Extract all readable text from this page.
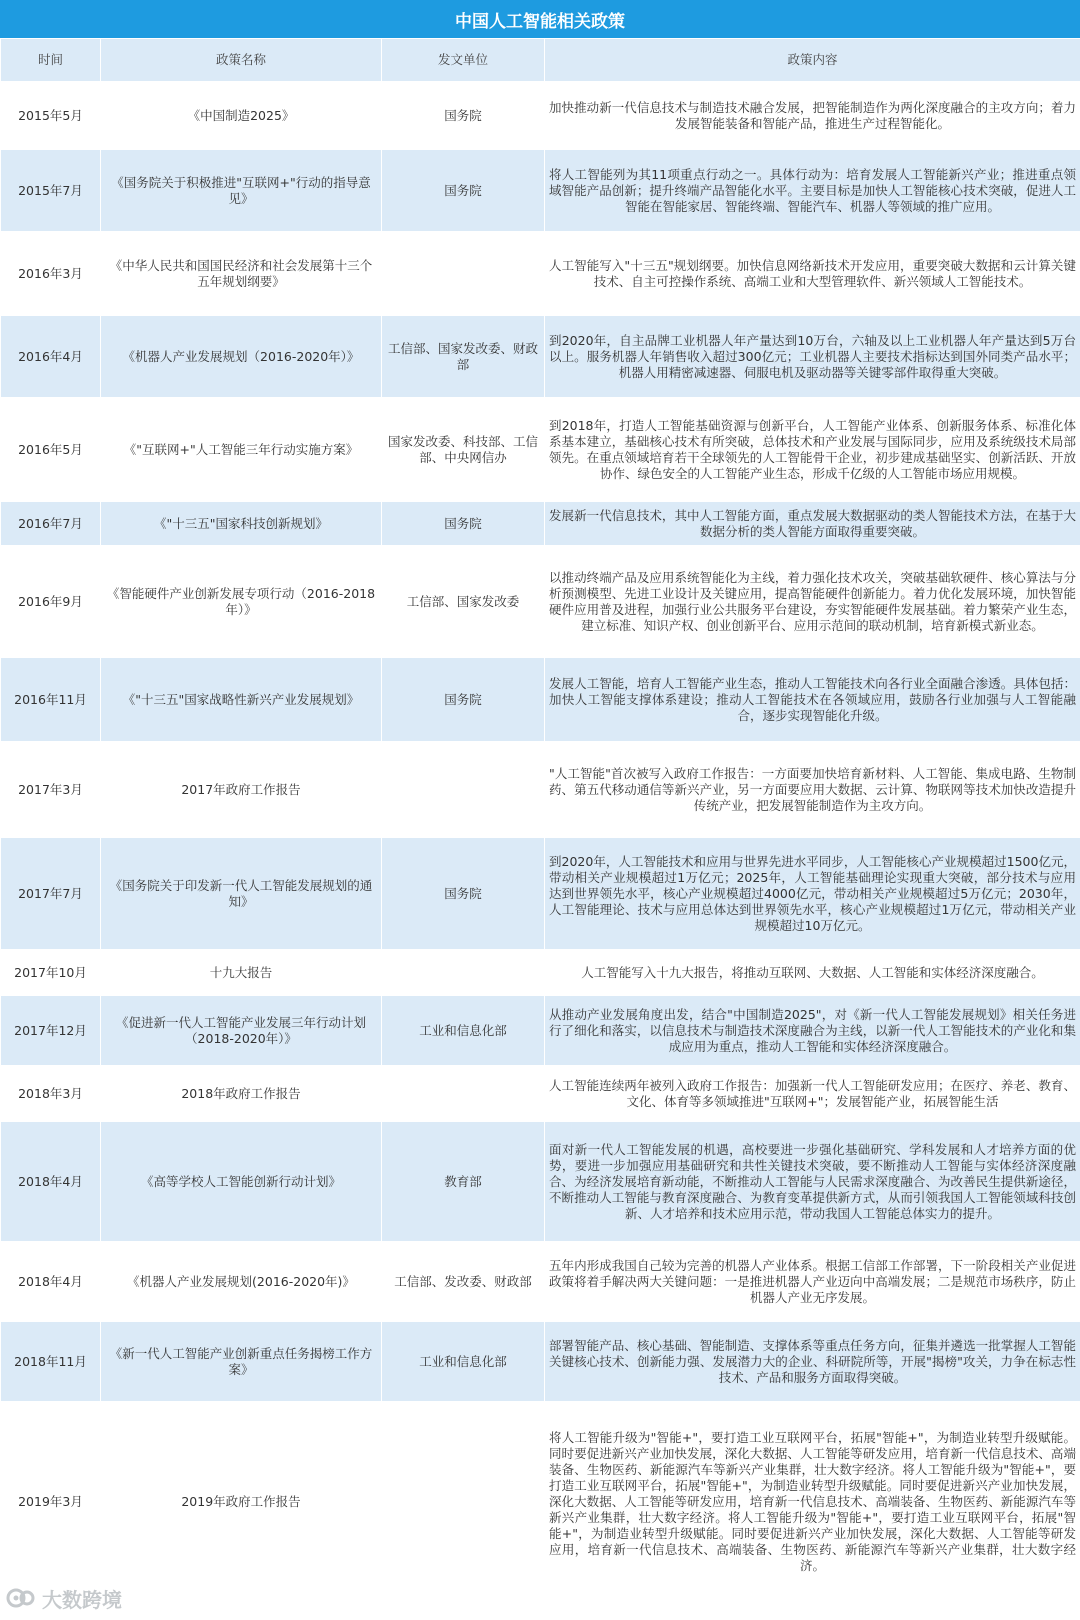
中国人工智能相关政策
时间	政策名称	发文单位	政策内容
2015年5月	《中国制造2025》	国务院	加快推动新一代信息技术与制造技术融合发展，把智能制造作为两化深度融合的主攻方向；着力发展智能装备和智能产品，推进生产过程智能化。
2015年7月	《国务院关于积极推进"互联网+"行动的指导意见》	国务院	将人工智能列为其11项重点行动之一。具体行动为：培育发展人工智能新兴产业；推进重点领域智能产品创新；提升终端产品智能化水平。主要目标是加快人工智能核心技术突破，促进人工智能在智能家居、智能终端、智能汽车、机器人等领域的推广应用。
2016年3月	《中华人民共和国国民经济和社会发展第十三个五年规划纲要》		人工智能写入"十三五"规划纲要。加快信息网络新技术开发应用，重要突破大数据和云计算关键技术、自主可控操作系统、高端工业和大型管理软件、新兴领域人工智能技术。
2016年4月	《机器人产业发展规划（2016-2020年）》	工信部、国家发改委、财政部	到2020年，自主品牌工业机器人年产量达到10万台，六轴及以上工业机器人年产量达到5万台以上。服务机器人年销售收入超过300亿元；工业机器人主要技术指标达到国外同类产品水平；机器人用精密减速器、伺服电机及驱动器等关键零部件取得重大突破。
2016年5月	《"互联网+"人工智能三年行动实施方案》	国家发改委、科技部、工信部、中央网信办	到2018年，打造人工智能基础资源与创新平台，人工智能产业体系、创新服务体系、标准化体系基本建立，基础核心技术有所突破，总体技术和产业发展与国际同步，应用及系统级技术局部领先。在重点领域培育若干全球领先的人工智能骨干企业，初步建成基础坚实、创新活跃、开放协作、绿色安全的人工智能产业生态，形成千亿级的人工智能市场应用规模。
2016年7月	《"十三五"国家科技创新规划》	国务院	发展新一代信息技术，其中人工智能方面，重点发展大数据驱动的类人智能技术方法，在基于大数据分析的类人智能方面取得重要突破。
2016年9月	《智能硬件产业创新发展专项行动（2016-2018年）》	工信部、国家发改委	以推动终端产品及应用系统智能化为主线，着力强化技术攻关，突破基础软硬件、核心算法与分析预测模型、先进工业设计及关键应用，提高智能硬件创新能力。着力优化发展环境，加快智能硬件应用普及进程，加强行业公共服务平台建设，夯实智能硬件发展基础。着力繁荣产业生态，建立标准、知识产权、创业创新平台、应用示范间的联动机制，培育新模式新业态。
2016年11月	《"十三五"国家战略性新兴产业发展规划》	国务院	发展人工智能，培育人工智能产业生态，推动人工智能技术向各行业全面融合渗透。具体包括：加快人工智能支撑体系建设；推动人工智能技术在各领域应用，鼓励各行业加强与人工智能融合，逐步实现智能化升级。
2017年3月	2017年政府工作报告		"人工智能"首次被写入政府工作报告：一方面要加快培育新材料、人工智能、集成电路、生物制药、第五代移动通信等新兴产业，另一方面要应用大数据、云计算、物联网等技术加快改造提升传统产业，把发展智能制造作为主攻方向。
2017年7月	《国务院关于印发新一代人工智能发展规划的通知》	国务院	到2020年，人工智能技术和应用与世界先进水平同步，人工智能核心产业规模超过1500亿元，带动相关产业规模超过1万亿元；2025年，人工智能基础理论实现重大突破，部分技术与应用达到世界领先水平，核心产业规模超过4000亿元，带动相关产业规模超过5万亿元；2030年，人工智能理论、技术与应用总体达到世界领先水平，核心产业规模超过1万亿元，带动相关产业规模超过10万亿元。
2017年10月	十九大报告		人工智能写入十九大报告，将推动互联网、大数据、人工智能和实体经济深度融合。
2017年12月	《促进新一代人工智能产业发展三年行动计划（2018-2020年）》	工业和信息化部	从推动产业发展角度出发，结合"中国制造2025"，对《新一代人工智能发展规划》相关任务进行了细化和落实，以信息技术与制造技术深度融合为主线，以新一代人工智能技术的产业化和集成应用为重点，推动人工智能和实体经济深度融合。
2018年3月	2018年政府工作报告		人工智能连续两年被列入政府工作报告：加强新一代人工智能研发应用；在医疗、养老、教育、文化、体育等多领域推进"互联网+"；发展智能产业，拓展智能生活
2018年4月	《高等学校人工智能创新行动计划》	教育部	面对新一代人工智能发展的机遇，高校要进一步强化基础研究、学科发展和人才培养方面的优势，要进一步加强应用基础研究和共性关键技术突破，要不断推动人工智能与实体经济深度融合、为经济发展培育新动能，不断推动人工智能与人民需求深度融合、为改善民生提供新途径，不断推动人工智能与教育深度融合、为教育变革提供新方式，从而引领我国人工智能领域科技创新、人才培养和技术应用示范，带动我国人工智能总体实力的提升。
2018年4月	《机器人产业发展规划(2016-2020年)》	工信部、发改委、财政部	五年内形成我国自己较为完善的机器人产业体系。根据工信部工作部署，下一阶段相关产业促进政策将着手解决两大关键问题：一是推进机器人产业迈向中高端发展；二是规范市场秩序，防止机器人产业无序发展。
2018年11月	《新一代人工智能产业创新重点任务揭榜工作方案》	工业和信息化部	部署智能产品、核心基础、智能制造、支撑体系等重点任务方向，征集并遴选一批掌握人工智能关键核心技术、创新能力强、发展潜力大的企业、科研院所等，开展"揭榜"攻关，力争在标志性技术、产品和服务方面取得突破。
2019年3月	2019年政府工作报告		将人工智能升级为"智能+"，要打造工业互联网平台，拓展"智能+"，为制造业转型升级赋能。同时要促进新兴产业加快发展，深化大数据、人工智能等研发应用，培育新一代信息技术、高端装备、生物医药、新能源汽车等新兴产业集群，壮大数字经济。将人工智能升级为"智能+"，要打造工业互联网平台，拓展"智能+"，为制造业转型升级赋能。同时要促进新兴产业加快发展，深化大数据、人工智能等研发应用，培育新一代信息技术、高端装备、生物医药、新能源汽车等新兴产业集群，壮大数字经济。将人工智能升级为"智能+"，要打造工业互联网平台，拓展"智能+"，为制造业转型升级赋能。同时要促进新兴产业加快发展，深化大数据、人工智能等研发应用，培育新一代信息技术、高端装备、生物医药、新能源汽车等新兴产业集群，壮大数字经济。
大数跨境
